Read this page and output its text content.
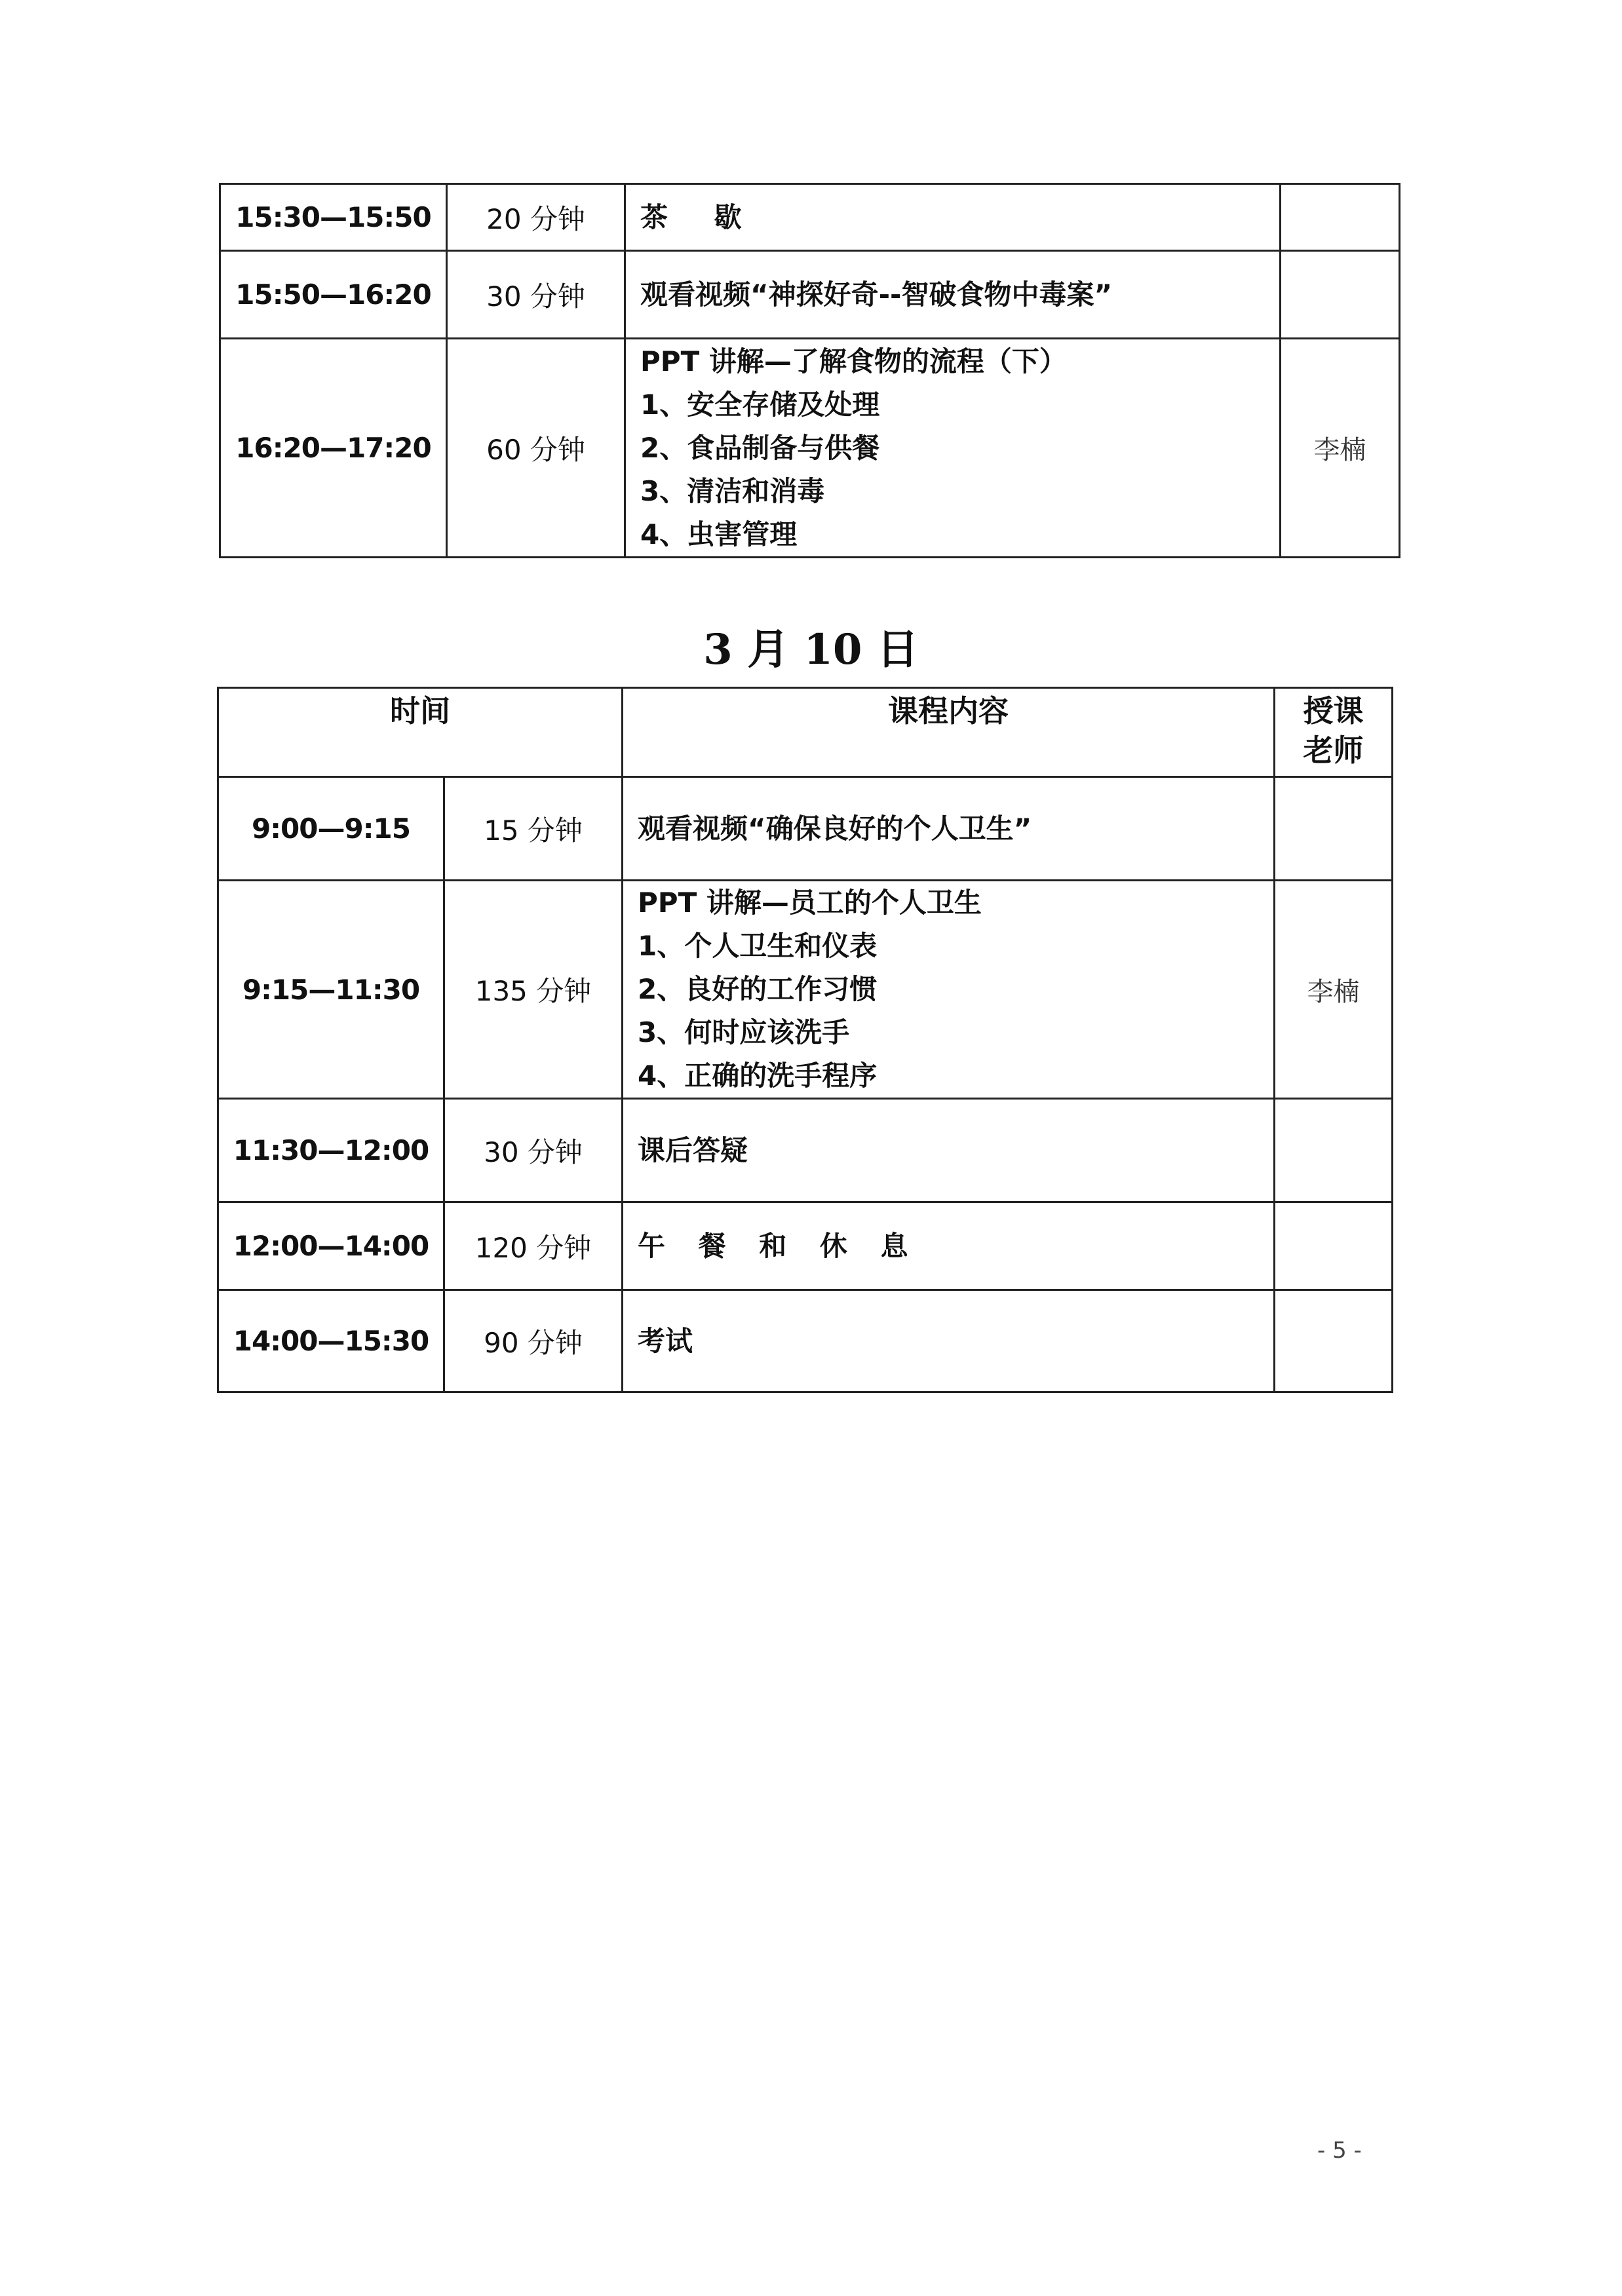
15:30—15:50	20 分钟	茶 歇	

15:50—16:20	30 分钟	观看视频“神探好奇--智破食物中毒案”	

16:20—17:20	60 分钟	PPT 讲解—了解食物的流程（下）
1、安全存储及处理
2、食品制备与供餐
3、清洁和消毒
4、虫害管理	李楠
3 月 10 日
时间		课程内容	授课
老师

9:00—9:15	15 分钟	观看视频“确保良好的个人卫生”	

9:15—11:30	135 分钟	PPT 讲解—员工的个人卫生
1、个人卫生和仪表
2、良好的工作习惯
3、何时应该洗手
4、正确的洗手程序	李楠
11:30—12:00	30 分钟	课后答疑	

12:00—14:00	120 分钟	午 餐 和 休 息	

14:00—15:30	90 分钟	考试	

- 5 -
